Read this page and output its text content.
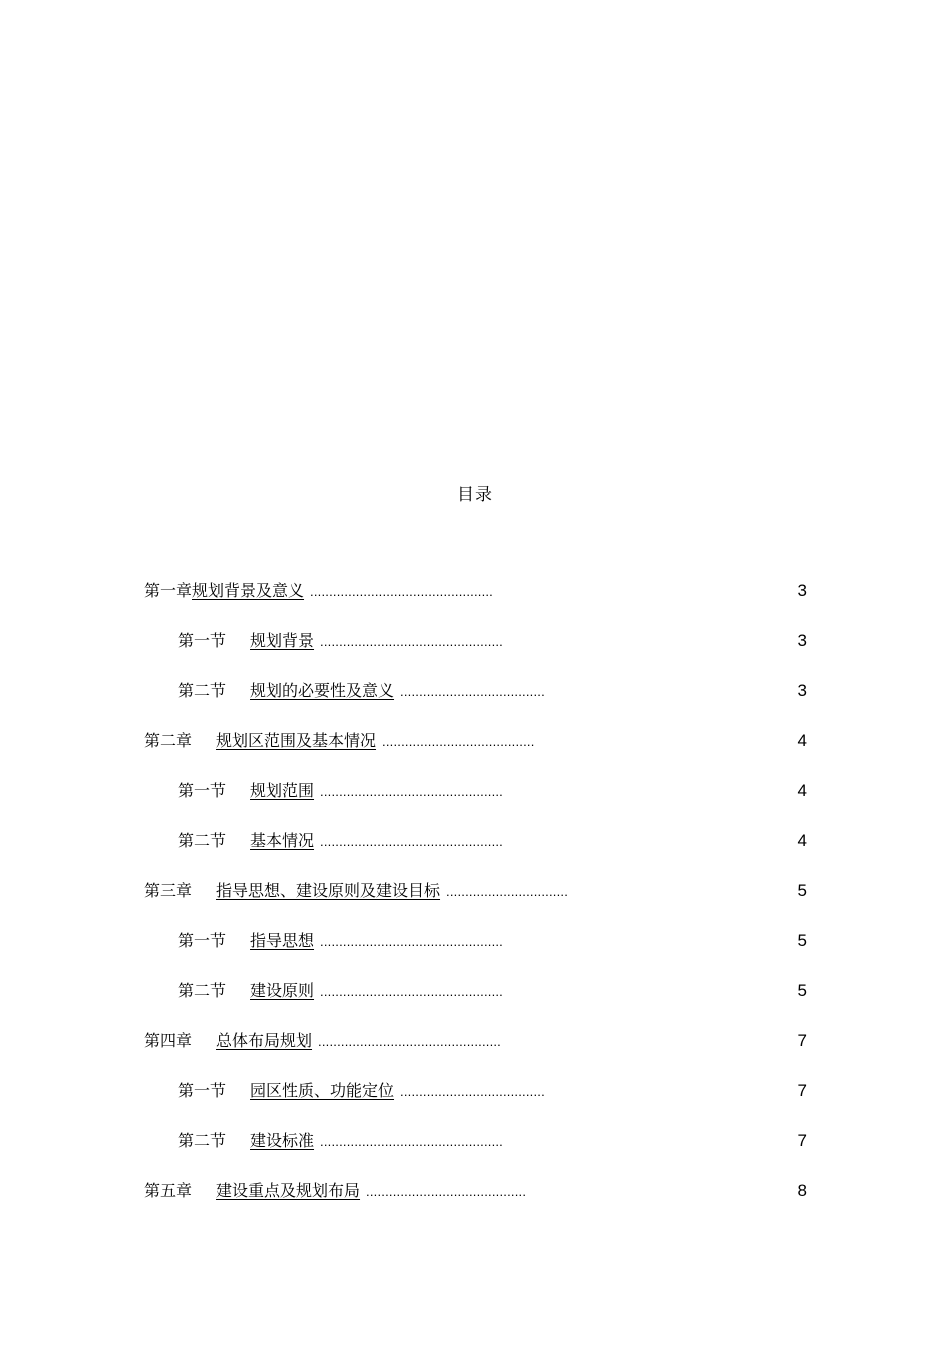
目录
第一章规划背景及意义 ................................................	3
第一节 规划背景 ................................................	3
第二节 规划的必要性及意义 ......................................	3
第二章 规划区范围及基本情况 ........................................	4
第一节 规划范围 ................................................	4
第二节 基本情况 ................................................	4
第三章 指导思想、建设原则及建设目标 ................................	5
第一节 指导思想 ................................................	5
第二节 建设原则 ................................................	5
第四章 总体布局规划 ................................................	7
第一节 园区性质、功能定位 ......................................	7
第二节 建设标准 ................................................	7
第五章 建设重点及规划布局 ..........................................	8
